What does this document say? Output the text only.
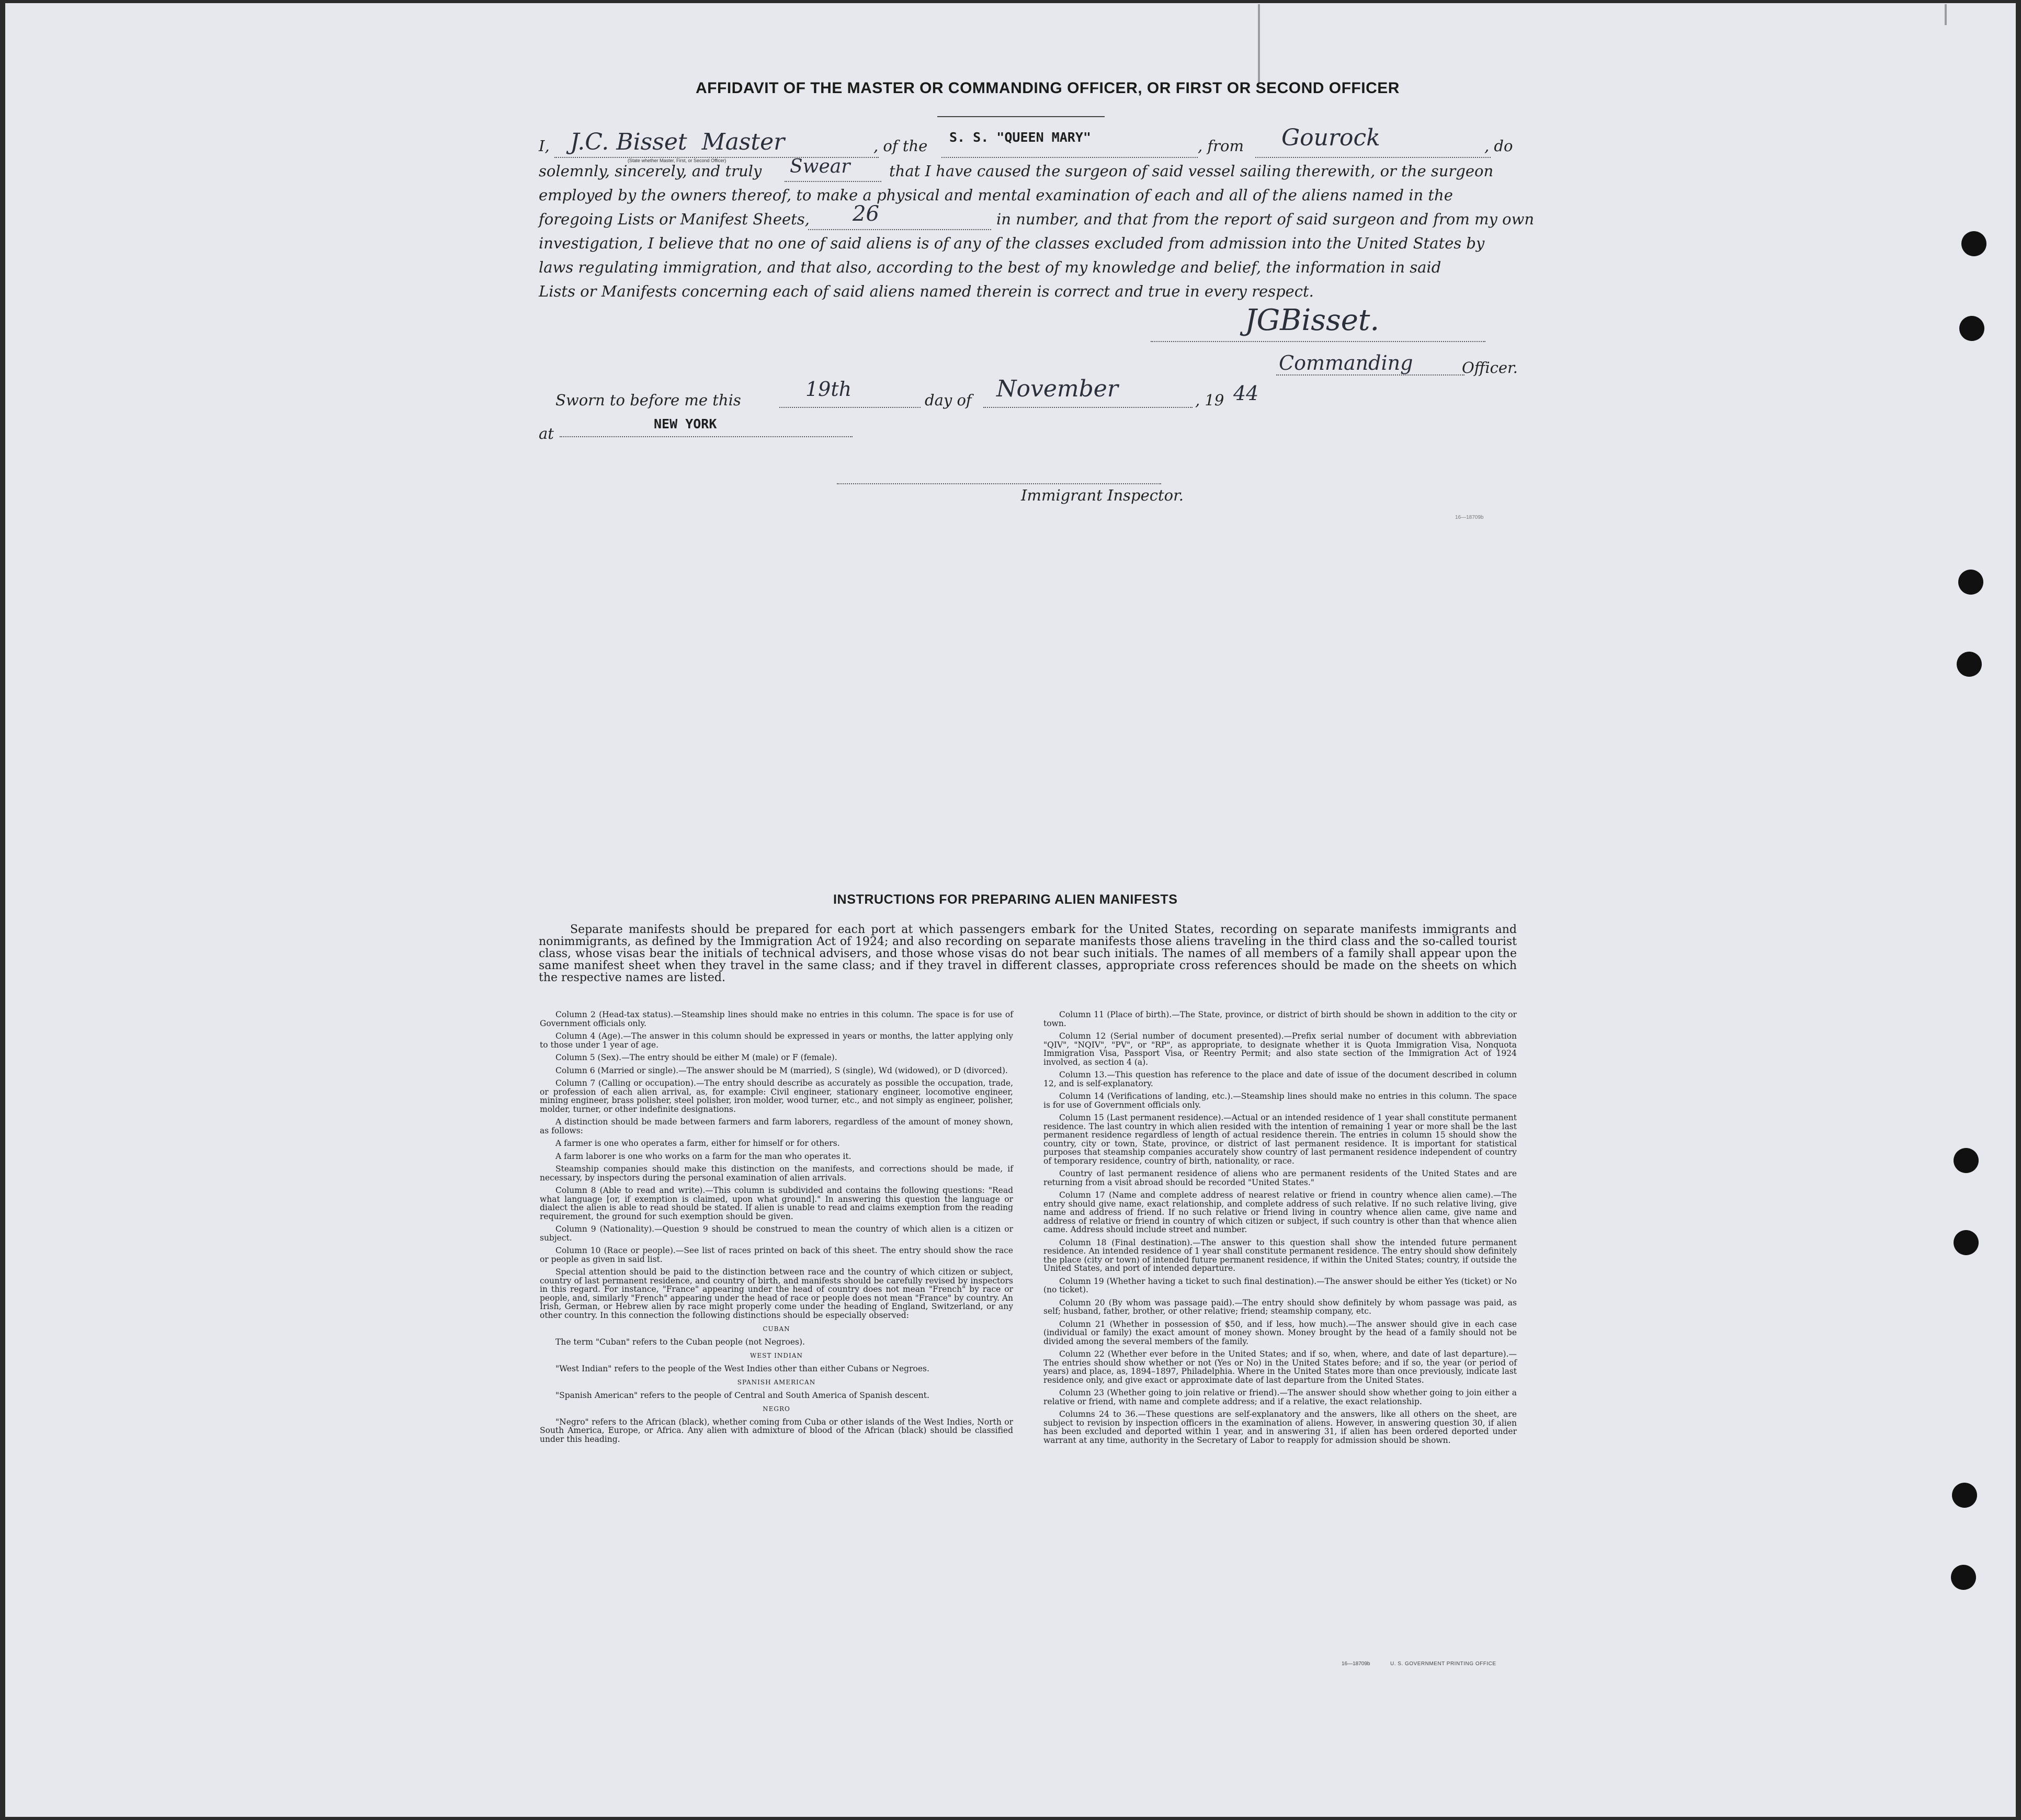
AFFIDAVIT OF THE MASTER OR COMMANDING OFFICER, OR FIRST OR SECOND OFFICER
I, J.C. Bisset Master
(State whether Master, First, or Second Officer)
, of the S. S. "QUEEN MARY"	, from Gourock	, do
solemnly, sincerely, and truly Swear	that I have caused the surgeon of said vessel sailing therewith, or the surgeon
employed by the owners thereof, to make a physical and mental examination of each and all of the aliens named in the
foregoing Lists or Manifest Sheets, 26	in number, and that from the report of said surgeon and from my own
investigation, I believe that no one of said aliens is of any of the classes excluded from admission into the United States by
laws regulating immigration, and that also, according to the best of my knowledge and belief, the information in said
Lists or Manifests concerning each of said aliens named therein is correct and true in every respect.
JGBisset.
Commanding	Officer.
Sworn to before me this	19th	day of November	, 19 44
at
NEW YORK
Immigrant Inspector.
16—18709b
INSTRUCTIONS FOR PREPARING ALIEN MANIFESTS
Separate manifests should be prepared for each port at which passengers embark for the United States, recording on separate manifests immigrants and nonimmigrants, as defined by the Immigration Act of 1924; and also recording on separate manifests those aliens traveling in the third class and the so-called tourist class, whose visas bear the initials of technical advisers, and those whose visas do not bear such initials. The names of all members of a family shall appear upon the same manifest sheet when they travel in the same class; and if they travel in different classes, appropriate cross references should be made on the sheets on which the respective names are listed.

Column 2 (Head-tax status).—Steamship lines should make no entries in this column. The space is for use of Government officials only.

Column 4 (Age).—The answer in this column should be expressed in years or months, the latter applying only to those under 1 year of age.

Column 5 (Sex).—The entry should be either M (male) or F (female).

Column 6 (Married or single).—The answer should be M (married), S (single), Wd (widowed), or D (divorced).

Column 7 (Calling or occupation).—The entry should describe as accurately as possible the occupation, trade, or profession of each alien arrival, as, for example: Civil engineer, stationary engineer, locomotive engineer, mining engineer, brass polisher, steel polisher, iron molder, wood turner, etc., and not simply as engineer, polisher, molder, turner, or other indefinite designations.

A distinction should be made between farmers and farm laborers, regardless of the amount of money shown, as follows:

A farmer is one who operates a farm, either for himself or for others.

A farm laborer is one who works on a farm for the man who operates it.

Steamship companies should make this distinction on the manifests, and corrections should be made, if necessary, by inspectors during the personal examination of alien arrivals.

Column 8 (Able to read and write).—This column is subdivided and contains the following questions: "Read what language [or, if exemption is claimed, upon what ground]." In answering this question the language or dialect the alien is able to read should be stated. If alien is unable to read and claims exemption from the reading requirement, the ground for such exemption should be given.

Column 9 (Nationality).—Question 9 should be construed to mean the country of which alien is a citizen or subject.

Column 10 (Race or people).—See list of races printed on back of this sheet. The entry should show the race or people as given in said list.

Special attention should be paid to the distinction between race and the country of which citizen or subject, country of last permanent residence, and country of birth, and manifests should be carefully revised by inspectors in this regard. For instance, "France" appearing under the head of country does not mean "French" by race or people, and, similarly "French" appearing under the head of race or people does not mean "France" by country. An Irish, German, or Hebrew alien by race might properly come under the heading of England, Switzerland, or any other country. In this connection the following distinctions should be especially observed:

CUBAN

The term "Cuban" refers to the Cuban people (not Negroes).

WEST INDIAN

"West Indian" refers to the people of the West Indies other than either Cubans or Negroes.

SPANISH AMERICAN

"Spanish American" refers to the people of Central and South America of Spanish descent.

NEGRO

"Negro" refers to the African (black), whether coming from Cuba or other islands of the West Indies, North or South America, Europe, or Africa. Any alien with admixture of blood of the African (black) should be classified under this heading.

Column 11 (Place of birth).—The State, province, or district of birth should be shown in addition to the city or town.

Column 12 (Serial number of document presented).—Prefix serial number of document with abbreviation "QIV", "NQIV", "PV", or "RP", as appropriate, to designate whether it is Quota Immigration Visa, Nonquota Immigration Visa, Passport Visa, or Reentry Permit; and also state section of the Immigration Act of 1924 involved, as section 4 (a).

Column 13.—This question has reference to the place and date of issue of the document described in column 12, and is self-explanatory.

Column 14 (Verifications of landing, etc.).—Steamship lines should make no entries in this column. The space is for use of Government officials only.

Column 15 (Last permanent residence).—Actual or an intended residence of 1 year shall constitute permanent residence. The last country in which alien resided with the intention of remaining 1 year or more shall be the last permanent residence regardless of length of actual residence therein. The entries in column 15 should show the country, city or town, State, province, or district of last permanent residence. It is important for statistical purposes that steamship companies accurately show country of last permanent residence independent of country of temporary residence, country of birth, nationality, or race.

Country of last permanent residence of aliens who are permanent residents of the United States and are returning from a visit abroad should be recorded "United States."

Column 17 (Name and complete address of nearest relative or friend in country whence alien came).—The entry should give name, exact relationship, and complete address of such relative. If no such relative living, give name and address of friend. If no such relative or friend living in country whence alien came, give name and address of relative or friend in country of which citizen or subject, if such country is other than that whence alien came. Address should include street and number.

Column 18 (Final destination).—The answer to this question shall show the intended future permanent residence. An intended residence of 1 year shall constitute permanent residence. The entry should show definitely the place (city or town) of intended future permanent residence, if within the United States; country, if outside the United States, and port of intended departure.

Column 19 (Whether having a ticket to such final destination).—The answer should be either Yes (ticket) or No (no ticket).

Column 20 (By whom was passage paid).—The entry should show definitely by whom passage was paid, as self; husband, father, brother, or other relative; friend; steamship company, etc.

Column 21 (Whether in possession of $50, and if less, how much).—The answer should give in each case (individual or family) the exact amount of money shown. Money brought by the head of a family should not be divided among the several members of the family.

Column 22 (Whether ever before in the United States; and if so, when, where, and date of last departure).—The entries should show whether or not (Yes or No) in the United States before; and if so, the year (or period of years) and place, as, 1894–1897, Philadelphia. Where in the United States more than once previously, indicate last residence only, and give exact or approximate date of last departure from the United States.

Column 23 (Whether going to join relative or friend).—The answer should show whether going to join either a relative or friend, with name and complete address; and if a relative, the exact relationship.

Columns 24 to 36.—These questions are self-explanatory and the answers, like all others on the sheet, are subject to revision by inspection officers in the examination of aliens. However, in answering question 30, if alien has been excluded and deported within 1 year, and in answering 31, if alien has been ordered deported under warrant at any time, authority in the Secretary of Labor to reapply for admission should be shown.

16—18709b	U. S. GOVERNMENT PRINTING OFFICE
